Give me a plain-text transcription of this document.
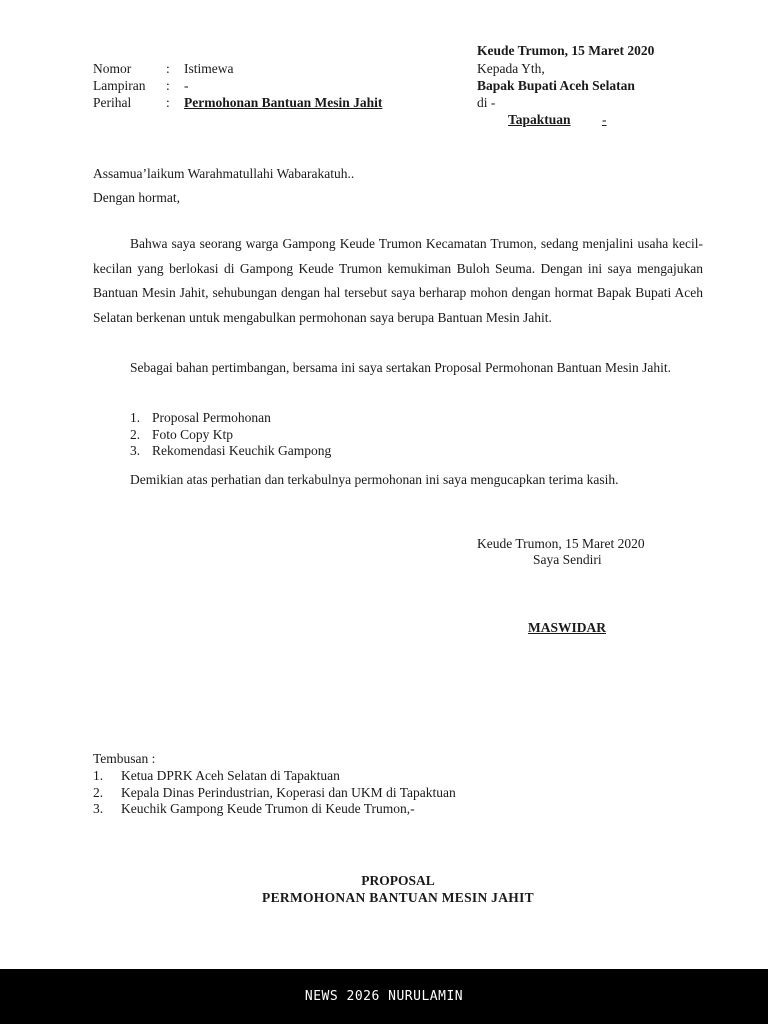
Keude Trumon, 15 Maret 2020
Nomor	: Istimewa
Lampiran : -
Perihal	: Permohonan Bantuan Mesin Jahit
Kepada Yth,
Bapak Bupati Aceh Selatan
di -
Tapaktuan -
Assamua’laikum Warahmatullahi Wabarakatuh..
Dengan hormat,
Bahwa saya seorang warga Gampong Keude Trumon Kecamatan Trumon, sedang menjalini usaha kecil-kecilan yang berlokasi di Gampong Keude Trumon kemukiman Buloh Seuma. Dengan ini saya mengajukan Bantuan Mesin Jahit, sehubungan dengan hal tersebut saya berharap mohon dengan hormat Bapak Bupati Aceh Selatan berkenan untuk mengabulkan permohonan saya berupa Bantuan Mesin Jahit.
Sebagai bahan pertimbangan, bersama ini saya sertakan Proposal Permohonan Bantuan Mesin Jahit.
1. Proposal Permohonan
2. Foto Copy Ktp
3. Rekomendasi Keuchik Gampong
Demikian atas perhatian dan terkabulnya permohonan ini saya mengucapkan terima kasih.
Keude Trumon, 15 Maret 2020
Saya Sendiri
MASWIDAR
Tembusan :
1. Ketua DPRK Aceh Selatan di Tapaktuan
2. Kepala Dinas Perindustrian, Koperasi dan UKM di Tapaktuan
3. Keuchik Gampong Keude Trumon di Keude Trumon,-
PROPOSAL
PERMOHONAN BANTUAN MESIN JAHIT
NEWS 2026 NURULAMIN
